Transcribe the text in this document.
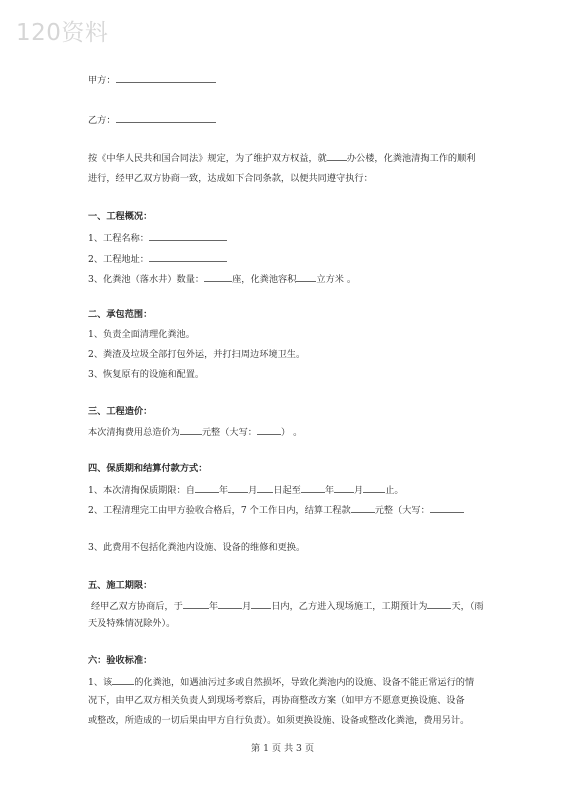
120资料
甲方：
乙方：
按《中华人民共和国合同法》规定，为了维护双方权益，就 办公楼，化粪池清掏工作的顺利
进行，经甲乙双方协商一致，达成如下合同条款，以便共同遵守执行：
一、工程概况：
1、工程名称：
2、工程地址：
3、化粪池（落水井）数量：	座，化粪池容积 立方米 。
二、承包范围：
1、负责全面清理化粪池。
2、粪渣及垃圾全部打包外运，并打扫周边环境卫生。
3、恢复原有的设施和配置。
三、工程造价：
本次清掏费用总造价为 元整（大写：	） 。
四、保质期和结算付款方式：
1、本次清掏保质期限：自	年 月 日起至	年 月 止。
2、工程清理完工由甲方验收合格后，7 个工作日内，结算工程款	元整（大写：
3、此费用不包括化粪池内设施、设备的维修和更换。
五、施工期限：
经甲乙双方协商后，于	年	月 日内，乙方进入现场施工，工期预计为	天，（雨
天及特殊情况除外）。
六：验收标准：
1、该 的化粪池，如遇油污过多或自然损坏，导致化粪池内的设施、设备不能正常运行的情
况下，由甲乙双方相关负责人到现场考察后，再协商整改方案（如甲方不愿意更换设施、设备
或整改，所造成的一切后果由甲方自行负责）。如须更换设施、设备或整改化粪池，费用另计。
第 1 页 共 3 页
